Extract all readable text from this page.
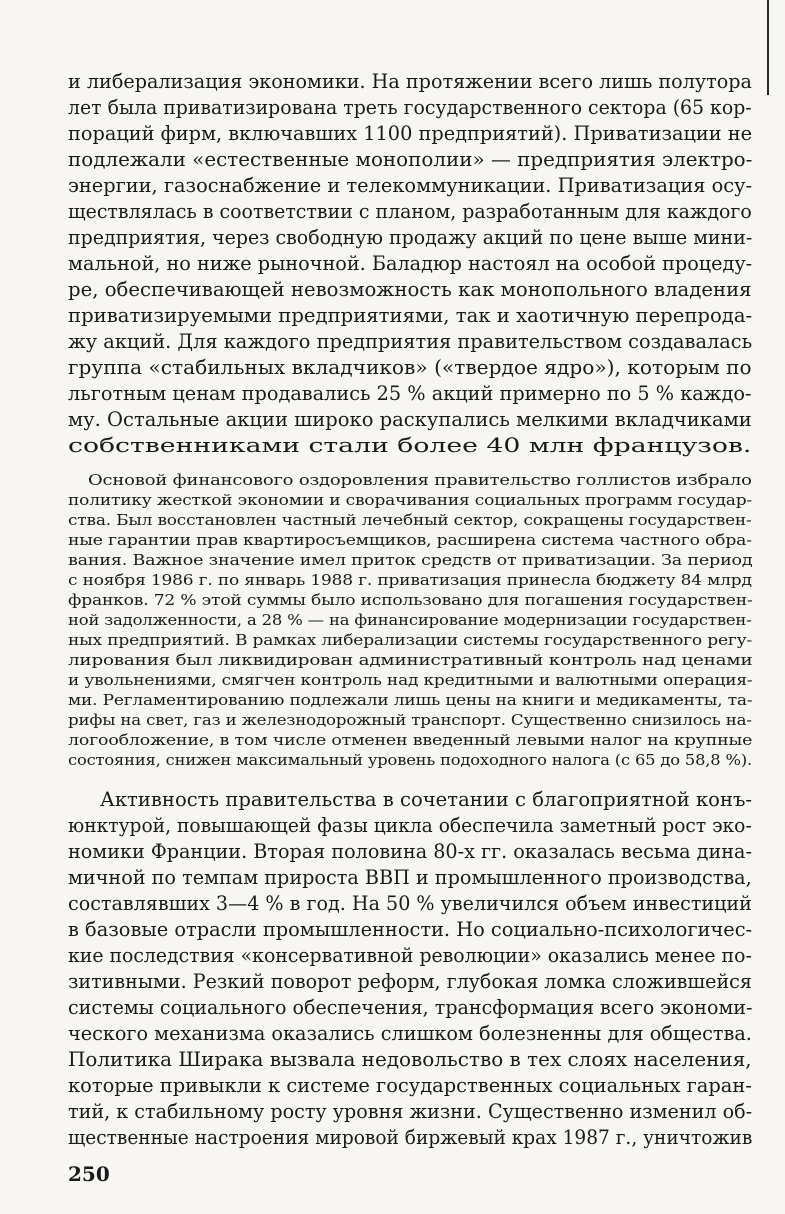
и либерализация экономики. На протяжении всего лишь полутора
лет была приватизирована треть государственного сектора (65 кор-
пораций фирм, включавших 1100 предприятий). Приватизации не
подлежали «естественные монополии» — предприятия электро-
энергии, газоснабжение и телекоммуникации. Приватизация осу-
ществлялась в соответствии с планом, разработанным для каждого
предприятия, через свободную продажу акций по цене выше мини-
мальной, но ниже рыночной. Баладюр настоял на особой процеду-
ре, обеспечивающей невозможность как монопольного владения
приватизируемыми предприятиями, так и хаотичную перепрода-
жу акций. Для каждого предприятия правительством создавалась
группа «стабильных вкладчиков» («твердое ядро»), которым по
льготным ценам продавались 25 % акций примерно по 5 % каждо-
му. Остальные акции широко раскупались мелкими вкладчиками
собственниками стали более 40 млн французов.
Основой финансового оздоровления правительство голлистов избрало
политику жесткой экономии и сворачивания социальных программ государ-
ства. Был восстановлен частный лечебный сектор, сокращены государствен-
ные гарантии прав квартиросъемщиков, расширена система частного обра-
вания. Важное значение имел приток средств от приватизации. За период
с ноября 1986 г. по январь 1988 г. приватизация принесла бюджету 84 млрд
франков. 72 % этой суммы было использовано для погашения государствен-
ной задолженности, а 28 % — на финансирование модернизации государствен-
ных предприятий. В рамках либерализации системы государственного регу-
лирования был ликвидирован административный контроль над ценами
и увольнениями, смягчен контроль над кредитными и валютными операция-
ми. Регламентированию подлежали лишь цены на книги и медикаменты, та-
рифы на свет, газ и железнодорожный транспорт. Существенно снизилось на-
логообложение, в том числе отменен введенный левыми налог на крупные
состояния, снижен максимальный уровень подоходного налога (с 65 до 58,8 %).
Активность правительства в сочетании с благоприятной конъ-
юнктурой, повышающей фазы цикла обеспечила заметный рост эко-
номики Франции. Вторая половина 80-х гг. оказалась весьма дина-
мичной по темпам прироста ВВП и промышленного производства,
составлявших 3—4 % в год. На 50 % увеличился объем инвестиций
в базовые отрасли промышленности. Но социально-психологичес-
кие последствия «консервативной революции» оказались менее по-
зитивными. Резкий поворот реформ, глубокая ломка сложившейся
системы социального обеспечения, трансформация всего экономи-
ческого механизма оказались слишком болезненны для общества.
Политика Ширака вызвала недовольство в тех слоях населения,
которые привыкли к системе государственных социальных гаран-
тий, к стабильному росту уровня жизни. Существенно изменил об-
щественные настроения мировой биржевый крах 1987 г., уничтожив
250
